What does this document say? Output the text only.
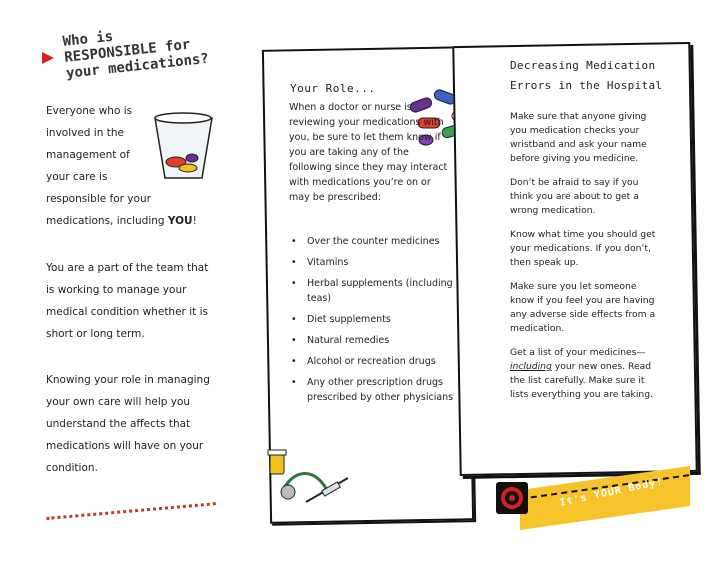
Who is
RESPONSIBLE for
your medications?

Everyone who is

involved in the

management of

your care is

responsible for your

medications, including YOU!

You are a part of the team that

is working to manage your

medical condition whether it is

short or long term.

Knowing your role in managing

your own care will help you

understand the affects that

medications will have on your

condition.

Your Role...
When a doctor or nurse is reviewing your medications with you, be sure to let them know if you are taking any of the following since they may interact with medications you’re on or may be prescribed:
• Over the counter medicines
• Vitamins
• Herbal supplements (including teas)
• Diet supplements
• Natural remedies
• Alcohol or recreation drugs
• Any other prescription drugs prescribed by other physicians
Decreasing Medication Errors in the Hospital

Make sure that anyone giving you medication checks your wristband and ask your name before giving you medicine.

Don’t be afraid to say if you think you are about to get a wrong medication.

Know what time you should get your medications. If you don’t, then speak up.

Make sure you let someone know if you feel you are having any adverse side effects from a medication.

Get a list of your medicines—including your new ones. Read the list carefully. Make sure it lists everything you are taking.

It's YOUR Body!
